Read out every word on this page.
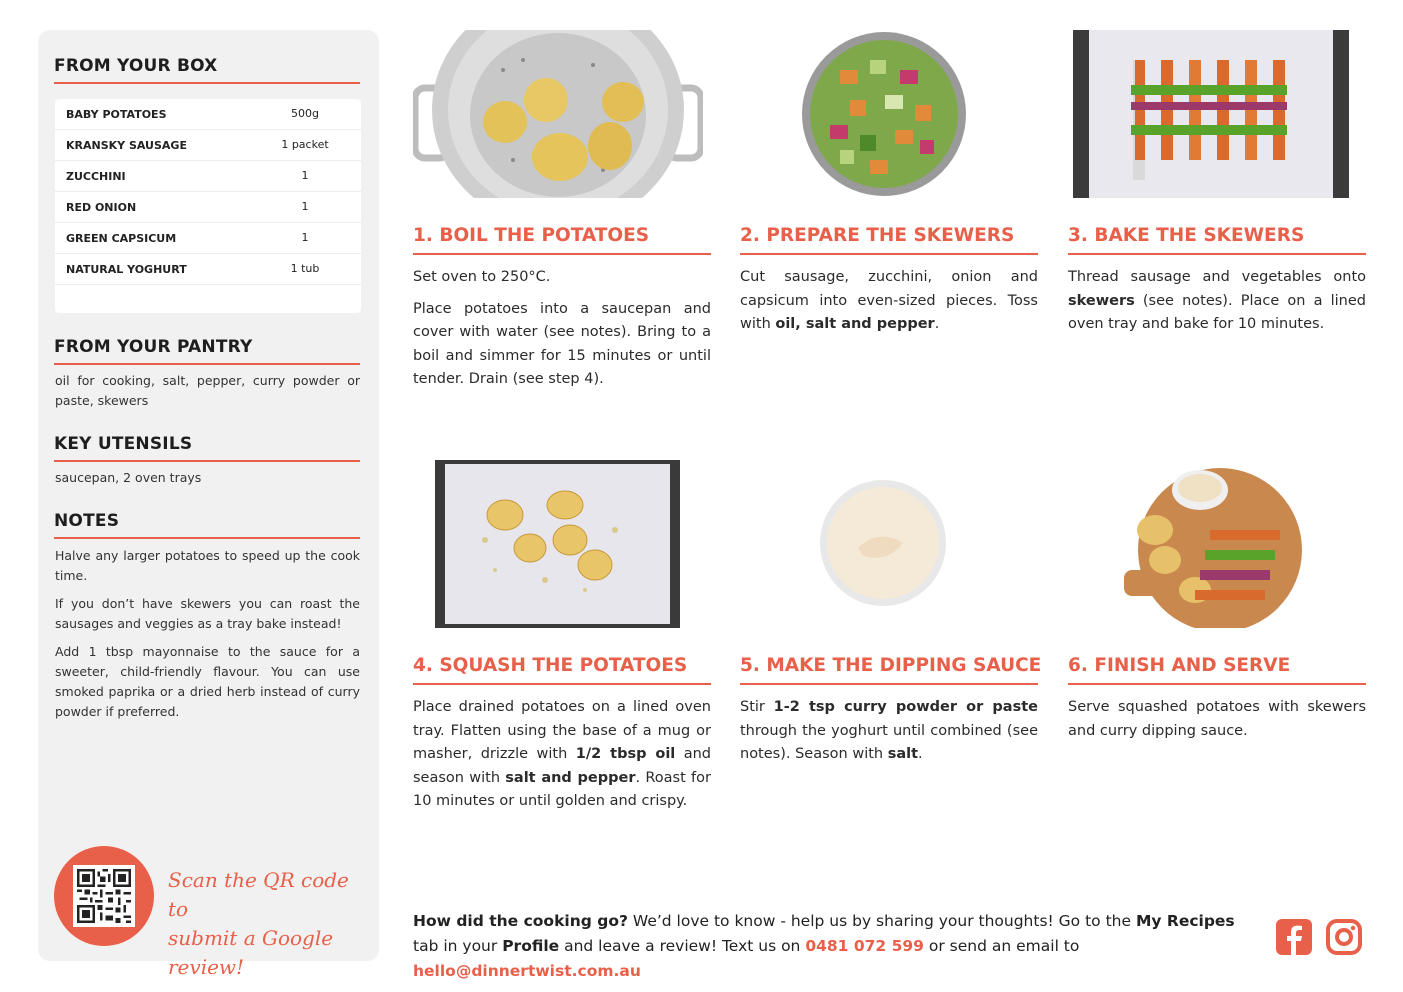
FROM YOUR BOX
BABY POTATOES	500g
KRANSKY SAUSAGE	1 packet
ZUCCHINI	1
RED ONION	1
GREEN CAPSICUM	1
NATURAL YOGHURT	1 tub
FROM YOUR PANTRY
oil for cooking, salt, pepper, curry powder or paste, skewers
KEY UTENSILS
saucepan, 2 oven trays
NOTES
Halve any larger potatoes to speed up the cook time.
If you don’t have skewers you can roast the sausages and veggies as a tray bake instead!
Add 1 tbsp mayonnaise to the sauce for a sweeter, child-friendly flavour. You can use smoked paprika or a dried herb instead of curry powder if preferred.
Scan the QR code to
submit a Google review!
1. BOIL THE POTATOES

Set oven to 250°C.

Place potatoes into a saucepan and cover with water (see notes). Bring to a boil and simmer for 15 minutes or until tender. Drain (see step 4).

2. PREPARE THE SKEWERS
Cut sausage, zucchini, onion and capsicum into even-sized pieces. Toss with oil, salt and pepper.
3. BAKE THE SKEWERS
Thread sausage and vegetables onto skewers (see notes). Place on a lined oven tray and bake for 10 minutes.
4. SQUASH THE POTATOES
Place drained potatoes on a lined oven tray. Flatten using the base of a mug or masher, drizzle with 1/2 tbsp oil and season with salt and pepper. Roast for 10 minutes or until golden and crispy.
5. MAKE THE DIPPING SAUCE
Stir 1-2 tsp curry powder or paste through the yoghurt until combined (see notes). Season with salt.
6. FINISH AND SERVE
Serve squashed potatoes with skewers and curry dipping sauce.
How did the cooking go? We’d love to know - help us by sharing your thoughts! Go to the My Recipes tab in your Profile and leave a review! Text us on 0481 072 599 or send an email to hello@dinnertwist.com.au
